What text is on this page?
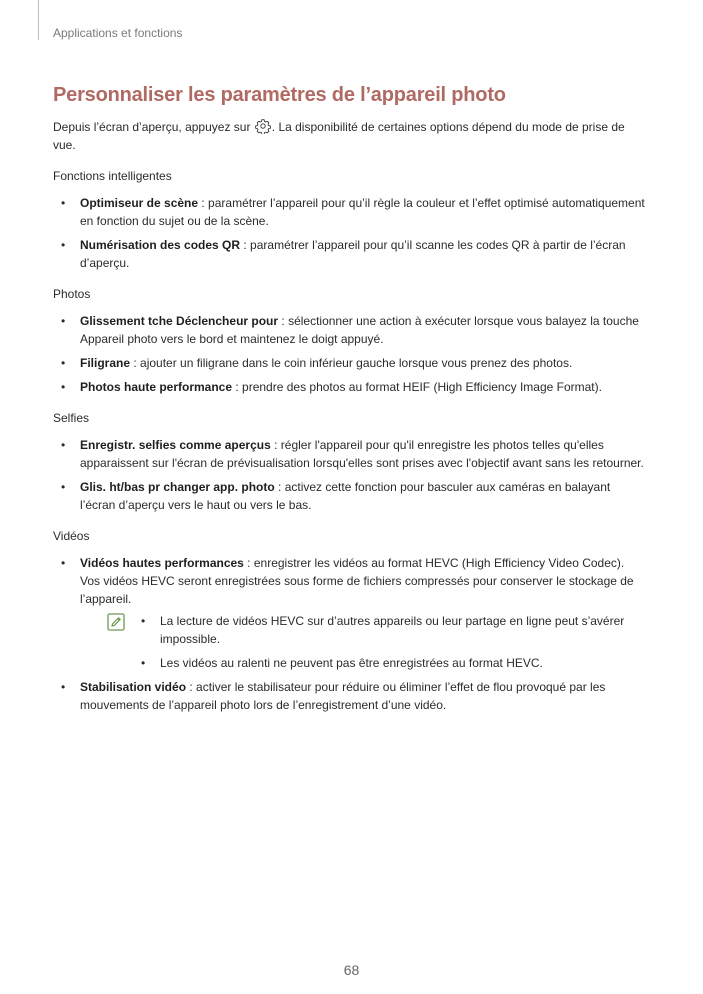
Applications et fonctions
Personnaliser les paramètres de l’appareil photo

Depuis l’écran d’aperçu, appuyez sur . La disponibilité de certaines options dépend du mode de prise de vue.

Fonctions intelligentes
• Optimiseur de scène : paramétrer l’appareil pour qu’il règle la couleur et l’effet optimisé automatiquement en fonction du sujet ou de la scène.
• Numérisation des codes QR : paramétrer l’appareil pour qu’il scanne les codes QR à partir de l’écran d’aperçu.
Photos
• Glissement tche Déclencheur pour : sélectionner une action à exécuter lorsque vous balayez la touche Appareil photo vers le bord et maintenez le doigt appuyé.
• Filigrane : ajouter un filigrane dans le coin inférieur gauche lorsque vous prenez des photos.
• Photos haute performance : prendre des photos au format HEIF (High Efficiency Image Format).
Selfies
• Enregistr. selfies comme aperçus : régler l'appareil pour qu'il enregistre les photos telles qu'elles apparaissent sur l'écran de prévisualisation lorsqu'elles sont prises avec l'objectif avant sans les retourner.
• Glis. ht/bas pr changer app. photo : activez cette fonction pour basculer aux caméras en balayant l’écran d’aperçu vers le haut ou vers le bas.
Vidéos
• Vidéos hautes performances : enregistrer les vidéos au format HEVC (High Efficiency Video Codec). Vos vidéos HEVC seront enregistrées sous forme de fichiers compressés pour conserver le stockage de l’appareil.
• La lecture de vidéos HEVC sur d’autres appareils ou leur partage en ligne peut s’avérer impossible.
• Les vidéos au ralenti ne peuvent pas être enregistrées au format HEVC.
• Stabilisation vidéo : activer le stabilisateur pour réduire ou éliminer l’effet de flou provoqué par les mouvements de l’appareil photo lors de l’enregistrement d’une vidéo.
68
